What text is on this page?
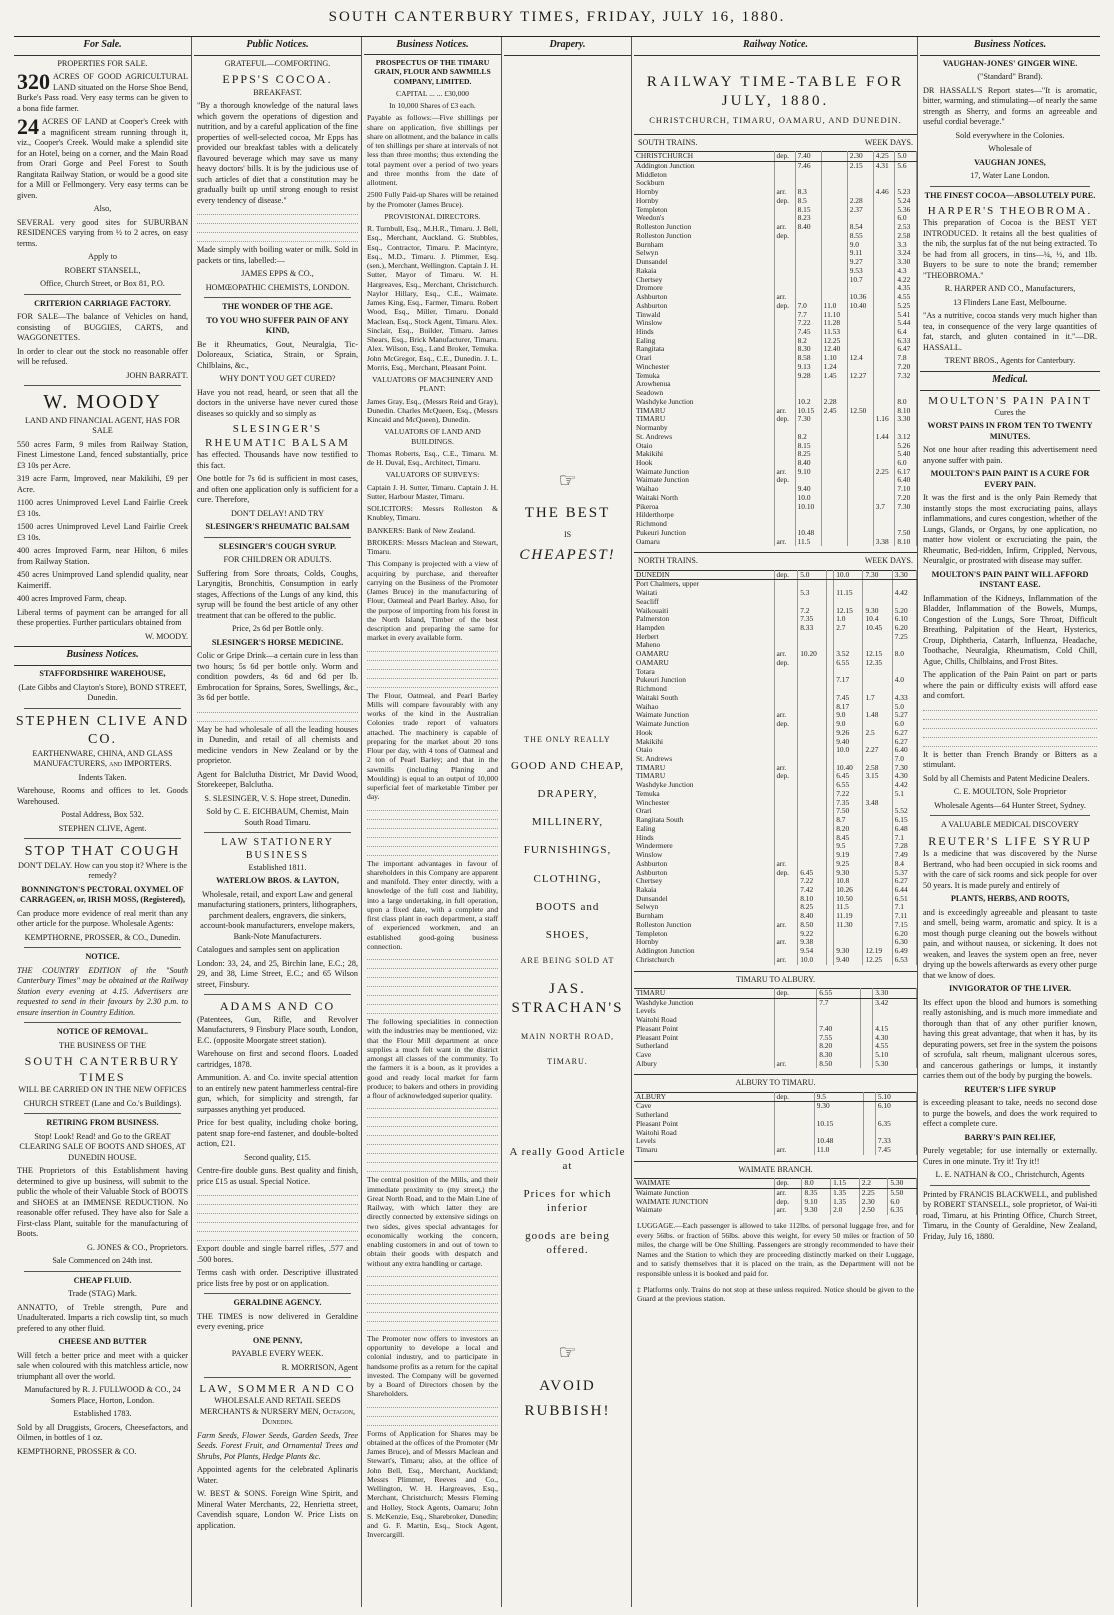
SOUTH CANTERBURY TIMES, FRIDAY, JULY 16, 1880.
For Sale.
PROPERTIES FOR SALE.
320 ACRES OF GOOD AGRICULTURAL LAND situated on the Horse Shoe Bend, Burke's Pass road. Very easy terms can be given to a bona fide farmer.
24 ACRES OF LAND at Cooper's Creek with a magnificent stream running through it, viz., Cooper's Creek. Would make a splendid site for an Hotel, being on a corner, and the Main Road from Orari Gorge and Peel Forest to South Rangitata Railway Station, or would be a good site for a Mill or Fellmongery. Very easy terms can be given.
Also,
SEVERAL very good sites for SUBURBAN RESIDENCES varying from ½ to 2 acres, on easy terms.
Apply to
ROBERT STANSELL,
Office, Church Street, or Box 81, P.O.
CRITERION CARRIAGE FACTORY.
FOR SALE—The balance of Vehicles on hand, consisting of BUGGIES, CARTS, and WAGGONETTES.
In order to clear out the stock no reasonable offer will be refused.
JOHN BARRATT.
W. MOODY
LAND AND FINANCIAL AGENT, HAS FOR SALE
550 acres Farm, 9 miles from Railway Station, Finest Limestone Land, fenced substantially, price £3 10s per Acre.
319 acre Farm, Improved, near Makikihi, £9 per Acre.
1100 acres Unimproved Level Land Fairlie Creek £3 10s.
1500 acres Unimproved Level Land Fairlie Creek £3 10s.
400 acres Improved Farm, near Hilton, 6 miles from Railway Station.
450 acres Unimproved Land splendid quality, near Kaimeriff.
400 acres Improved Farm, cheap.
Liberal terms of payment can be arranged for all these properties. Further particulars obtained from
W. MOODY.
Business Notices.
STAFFORDSHIRE WAREHOUSE,
(Late Gibbs and Clayton's Store), BOND STREET, Dunedin.
STEPHEN CLIVE AND CO.
EARTHENWARE, CHINA, AND GLASS MANUFACTURERS, and IMPORTERS.
Indents Taken.
Warehouse, Rooms and offices to let. Goods Warehoused.
Postal Address, Box 532.
STEPHEN CLIVE, Agent.
STOP THAT COUGH
DON'T DELAY. How can you stop it? Where is the remedy?
BONNINGTON'S PECTORAL OXYMEL OF CARRAGEEN, or, IRISH MOSS, (Registered),
Can produce more evidence of real merit than any other article for the purpose. Wholesale Agents:
KEMPTHORNE, PROSSER, & CO., Dunedin.
NOTICE.
THE COUNTRY EDITION of the "South Canterbury Times" may be obtained at the Railway Station every evening at 4.15. Advertisers are requested to send in their favours by 2.30 p.m. to ensure insertion in Country Edition.
NOTICE OF REMOVAL.
THE BUSINESS OF THE
SOUTH CANTERBURY TIMES
WILL BE CARRIED ON IN THE NEW OFFICES
CHURCH STREET (Lane and Co.'s Buildings).
RETIRING FROM BUSINESS.
Stop! Look! Read! and Go to the GREAT CLEARING SALE OF BOOTS AND SHOES, AT DUNEDIN HOUSE.
THE Proprietors of this Establishment having determined to give up business, will submit to the public the whole of their Valuable Stock of BOOTS and SHOES at an IMMENSE REDUCTION. No reasonable offer refused. They have also for Sale a First-class Plant, suitable for the manufacturing of Boots.
G. JONES & CO., Proprietors.
Sale Commenced on 24th inst.
CHEAP FLUID.
Trade (STAG) Mark.
ANNATTO, of Treble strength, Pure and Unadulterated. Imparts a rich cowslip tint, so much prefered to any other fluid.
CHEESE AND BUTTER
Will fetch a better price and meet with a quicker sale when coloured with this matchless article, now triumphant all over the world.
Manufactured by R. J. FULLWOOD & CO., 24 Somers Place, Horton, London.
Established 1783.
Sold by all Druggists, Grocers, Cheesefactors, and Oilmen, in bottles of 1 oz.
KEMPTHORNE, PROSSER & CO.
Public Notices.
GRATEFUL—COMFORTING.
EPPS'S COCOA.
BREAKFAST.
"By a thorough knowledge of the natural laws which govern the operations of digestion and nutrition, and by a careful application of the fine properties of well-selected cocoa, Mr Epps has provided our breakfast tables with a delicately flavoured beverage which may save us many heavy doctors' bills. It is by the judicious use of such articles of diet that a constitution may be gradually built up until strong enough to resist every tendency of disease."
Made simply with boiling water or milk. Sold in packets or tins, labelled:—
JAMES EPPS & CO.,
HOMŒOPATHIC CHEMISTS, LONDON.
THE WONDER OF THE AGE.
TO YOU WHO SUFFER PAIN OF ANY KIND,
Be it Rheumatics, Gout, Neuralgia, Tic-Doloreaux, Sciatica, Strain, or Sprain, Chilblains, &c.,
WHY DON'T YOU GET CURED?
Have you not read, heard, or seen that all the doctors in the universe have never cured those diseases so quickly and so simply as
SLESINGER'S
RHEUMATIC BALSAM
has effected. Thousands have now testified to this fact.
One bottle for 7s 6d is sufficient in most cases, and often one application only is sufficient for a cure. Therefore,
DON'T DELAY! AND TRY
SLESINGER'S RHEUMATIC BALSAM
SLESINGER'S COUGH SYRUP.
FOR CHILDREN OR ADULTS.
Suffering from Sore throats, Colds, Coughs, Laryngitis, Bronchitis, Consumption in early stages, Affections of the Lungs of any kind, this syrup will be found the best article of any other treatment that can be offered to the public.
Price, 2s 6d per Bottle only.
SLESINGER'S HORSE MEDICINE.
Colic or Gripe Drink—a certain cure in less than two hours; 5s 6d per bottle only. Worm and condition powders, 4s 6d and 6d per lb. Embrocation for Sprains, Sores, Swellings, &c., 3s 6d per bottle.
May be had wholesale of all the leading houses in Dunedin, and retail of all chemists and medicine vendors in New Zealand or by the proprietor.
Agent for Balclutha District, Mr David Wood, Storekeeper, Balclutha.
S. SLESINGER, V. S. Hope street, Dunedin.
Sold by C. E. EICHBAUM, Chemist, Main South Road Timaru.
LAW STATIONERY BUSINESS
Established 1811.
WATERLOW BROS. & LAYTON,
Wholesale, retail, and export Law and general manufacturing stationers, printers, lithographers, parchment dealers, engravers, die sinkers, account-book manufacturers, envelope makers, Bank-Note Manufacturers.
Catalogues and samples sent on application
London: 33, 24, and 25, Birchin lane, E.C.; 28, 29, and 38, Lime Street, E.C.; and 65 Wilson street, Finsbury.
ADAMS AND CO
(Patentees, Gun, Rifle, and Revolver Manufacturers, 9 Finsbury Place south, London, E.C. (opposite Moorgate street station).
Warehouse on first and second floors. Loaded cartridges, 1878.
Ammunition. A. and Co. invite special attention to an entirely new patent hammerless central-fire gun, which, for simplicity and strength, far surpasses anything yet produced.
Price for best quality, including choke boring, patent snap fore-end fastener, and double-bolted action, £21.
Second quality, £15.
Centre-fire double guns. Best quality and finish, price £15 as usual. Special Notice.
Export double and single barrel rifles, .577 and .500 bores.
Terms cash with order. Descriptive illustrated price lists free by post or on application.
GERALDINE AGENCY.
THE TIMES is now delivered in Geraldine every evening, price
ONE PENNY,
PAYABLE EVERY WEEK.
R. MORRISON, Agent
LAW, SOMMER AND CO
WHOLESALE AND RETAIL SEEDS MERCHANTS & NURSERY MEN, Octagon, Dunedin.
Farm Seeds, Flower Seeds, Garden Seeds, Tree Seeds. Forest Fruit, and Ornamental Trees and Shrubs, Pot Plants, Hedge Plants &c.
Appointed agents for the celebrated Aplinaris Water.
W. BEST & SONS. Foreign Wine Spirit, and Mineral Water Merchants, 22, Henrietta street, Cavendish square, London W. Price Lists on application.
Business Notices.
PROSPECTUS OF THE TIMARU GRAIN, FLOUR AND SAWMILLS COMPANY, LIMITED.
CAPITAL ... ... £30,000
In 10,000 Shares of £3 each.
Payable as follows:—Five shillings per share on application, five shillings per share on allotment, and the balance in calls of ten shillings per share at intervals of not less than three months; thus extending the total payment over a period of two years and three months from the date of allotment.
2500 Fully Paid-up Shares will be retained by the Promoter (James Bruce).
PROVISIONAL DIRECTORS.
R. Turnbull, Esq., M.H.R., Timaru. J. Bell, Esq., Merchant, Auckland. G. Stubbles, Esq., Contractor, Timaru. P. Macintyre, Esq., M.D., Timaru. J. Plimmer, Esq. (sen.), Merchant, Wellington. Captain J. H. Sutter, Mayor of Timaru. W. H. Hargreaves, Esq., Merchant, Christchurch. Naylor Hillary, Esq., C.E., Waimate. James King, Esq., Farmer, Timaru. Robert Wood, Esq., Miller, Timaru. Donald Maclean, Esq., Stock Agent, Timaru. Alex. Sinclair, Esq., Builder, Timaru. James Shears, Esq., Brick Manufacturer, Timaru. Alex. Wilson, Esq., Land Broker, Temuka. John McGregor, Esq., C.E., Dunedin. J. L. Morris, Esq., Merchant, Pleasant Point.
VALUATORS OF MACHINERY AND PLANT:
James Gray, Esq., (Messrs Reid and Gray), Dunedin. Charles McQueen, Esq., (Messrs Kincaid and McQueen), Dunedin.
VALUATORS OF LAND AND BUILDINGS.
Thomas Roberts, Esq., C.E., Timaru. M. de H. Duval, Esq., Architect, Timaru.
VALUATORS OF SURVEYS:
Captain J. H. Sutter, Timaru. Captain J. H. Sutter, Harbour Master, Timaru.
SOLICITORS: Messrs Rolleston & Knubley, Timaru.
BANKERS: Bank of New Zealand.
BROKERS: Messrs Maclean and Stewart, Timaru.
This Company is projected with a view of acquiring by purchase, and thereafter carrying on the Business of the Promoter (James Bruce) in the manufacturing of Flour, Oatmeal and Pearl Barley. Also, for the purpose of importing from his forest in the North Island, Timber of the best description and preparing the same for market in every available form.
The Flour, Oatmeal, and Pearl Barley Mills will compare favourably with any works of the kind in the Australian Colonies trade report of valuators attached. The machinery is capable of preparing for the market about 20 tons Flour per day, with 4 tons of Oatmeal and 2 ton of Pearl Barley; and that in the sawmills (including Planing and Moulding) is equal to an output of 10,000 superficial feet of marketable Timber per day.
The important advantages in favour of shareholders in this Company are apparent and manifold. They enter directly, with a knowledge of the full cost and liability, into a large undertaking, in full operation, upon a fixed date, with a complete and first class plant in each department, a staff of experienced workmen, and an established good-going business connection.
The following specialities in connection with the industries may be mentioned, viz: that the Flour Mill department at once supplies a much felt want in the district amongst all classes of the community. To the farmers it is a boon, as it provides a good and ready local market for farm produce; to bakers and others in providing a flour of acknowledged superior quality.
The central position of the Mills, and their immediate proximity to (my street,) the Great North Road, and to the Main Line of Railway, with which latter they are directly connected by extensive sidings on two sides, gives special advantages for economically working the concern, enabling customers in and out of town to obtain their goods with despatch and without any extra handling or cartage.
The Promoter now offers to investors an opportunity to develope a local and colonial industry, and to participate in handsome profits as a return for the capital invested. The Company will be governed by a Board of Directors chosen by the Shareholders.
Forms of Application for Shares may be obtained at the offices of the Promoter (Mr James Bruce), and of Messrs Maclean and Stewart's, Timaru; also, at the office of John Bell, Esq., Merchant, Auckland; Messrs Plimmer, Reeves and Co., Wellington, W. H. Hargreaves, Esq., Merchant, Christchurch; Messrs Fleming and Holley, Stock Agents, Oamaru; John S. McKenzie, Esq., Sharebroker, Dunedin; and G. F. Martin, Esq., Stock Agent, Invercargill.
Drapery.
☞
THE BEST
IS
CHEAPEST!
THE ONLY REALLY
GOOD AND CHEAP,
DRAPERY,
MILLINERY,
FURNISHINGS,
CLOTHING,
BOOTS and
SHOES,
ARE BEING SOLD AT
JAS. STRACHAN'S
MAIN NORTH ROAD,
TIMARU.
A really Good Article at
Prices for which inferior
goods are being offered.
☞
AVOID
RUBBISH!
Railway Notice.
RAILWAY TIME-TABLE FOR JULY, 1880.
CHRISTCHURCH, TIMARU, OAMARU, AND DUNEDIN.
SOUTH TRAINS.	WEEK DAYS.
CHRISTCHURCH	dep.	7.40		2.30	4.25	5.0
Addington Junction		7.46		2.15	4.31	5.6
Middleton						
Sockburn						
Hornby	arr.	8.3			4.46	5.23
Hornby	dep.	8.5		2.28		5.24
Templeton		8.15		2.37		5.36
Weedon's		8.23				6.0
Rolleston Junction	arr.	8.40		8.54		2.53
Rolleston Junction	dep.			8.55		2.58
Burnham				9.0		3.3
Selwyn				9.11		3.24
Dunsandel				9.27		3.30
Rakaia				9.53		4.3
Chertsey				10.7		4.22
Dromore						4.35
Ashburton	arr.			10.36		4.55
Ashburton	dep.	7.0	11.0	10.40		5.25
Tinwald		7.7	11.10			5.41
Winslow		7.22	11.28			5.44
Hinds		7.45	11.53			6.4
Ealing		8.2	12.25			6.33
Rangitata		8.30	12.40			6.47
Orari		8.58	1.10	12.4		7.8
Winchester		9.13	1.24			7.20
Temuka		9.28	1.45	12.27		7.32
Arowhenua						
Seadown						
Washdyke Junction		10.2	2.28			8.0
TIMARU	arr.	10.15	2.45	12.50		8.10
TIMARU	dep.	7.30			1.16	3.30
Normanby						
St. Andrews		8.2			1.44	3.12
Otaio		8.15				5.26
Makikihi		8.25				5.40
Hook		8.40				6.0
Waimate Junction	arr.	9.10			2.25	6.17
Waimate Junction	dep.					6.40
Waihao		9.40				7.10
Waitaki North		10.0				7.20
Pikeroa		10.10			3.7	7.30
Hilderthorpe						
Richmond						
Pukeuri Junction		10.48				7.50
Oamaru	arr.	11.5			3.38	8.10
NORTH TRAINS.	WEEK DAYS.
DUNEDIN	dep.	5.0		10.0	7.30	3.30
Port Chalmers, upper						
Waitati		5.3		11.15		4.42
Seacliff						
Waikouaiti		7.2		12.15	9.30	5.20
Palmerston		7.35		1.0	10.4	6.10
Hampden		8.33		2.7	10.45	6.20
Herbert						7.25
Maheno						
OAMARU	arr.	10.20		3.52	12.15	8.0
OAMARU	dep.			6.55	12.35	
Totara						
Pukeuri Junction				7.17		4.0
Richmond						
Waitaki South				7.45	1.7	4.33
Waihao				8.17		5.0
Waimate Junction	arr.			9.0	1.48	5.27
Waimate Junction	dep.			9.0		6.0
Hook				9.26	2.5	6.27
Makikihi				9.40		6.27
Otaio				10.0	2.27	6.40
St. Andrews						7.0
TIMARU	arr.			10.40	2.58	7.30
TIMARU	dep.			6.45	3.15	4.30
Washdyke Junction				6.55		4.42
Temuka				7.22		5.1
Winchester				7.35	3.48	
Orari				7.50		5.52
Rangitata South				8.7		6.15
Ealing				8.20		6.48
Hinds				8.45		7.1
Windermere				9.5		7.28
Winslow				9.19		7.49
Ashburton	arr.			9.25		8.4
Ashburton	dep.	6.45		9.30		5.37
Chertsey		7.22		10.8		6.27
Rakaia		7.42		10.26		6.44
Dunsandel		8.10		10.50		6.51
Selwyn		8.25		11.5		7.1
Burnham		8.40		11.19		7.11
Rolleston Junction	arr.	8.50		11.30		7.15
Templeton		9.22				6.20
Hornby	arr.	9.38				6.30
Addington Junction		9.54		9.30	12.19	6.49
Christchurch	arr.	10.0		9.40	12.25	6.53
TIMARU TO ALBURY.
TIMARU	dep.	6.55		3.30
Washdyke Junction		7.7		3.42
Levels				
Waitohi Road				
Pleasant Point		7.40		4.15
Pleasant Point		7.55		4.30
Sutherland		8.20		4.55
Cave		8.30		5.10
Albury	arr.	8.50		5.30
ALBURY TO TIMARU.
ALBURY	dep.	9.5		5.10
Cave		9.30		6.10
Sutherland				
Pleasant Point		10.15		6.35
Waitohi Road				
Levels		10.48		7.33
Timaru	arr.	11.0		7.45
WAIMATE BRANCH.
WAIMATE	dep.	8.0	1.15	2.2	5.30
Waimate Junction	arr.	8.35	1.35	2.25	5.50
WAIMATE JUNCTION	dep.	9.10	1.35	2.30	6.0
Waimate	arr.	9.30	2.0	2.50	6.35
LUGGAGE.—Each passenger is allowed to take 112lbs. of personal luggage free, and for every 56lbs. or fraction of 56lbs. above this weight, for every 50 miles or fraction of 50 miles, the charge will be One Shilling. Passengers are strongly recommended to have their Names and the Station to which they are proceeding distinctly marked on their Luggage, and to satisfy themselves that it is placed on the train, as the Department will not be responsible unless it is booked and paid for.
‡ Platforms only. Trains do not stop at these unless required. Notice should be given to the Guard at the previous station.
Business Notices.
VAUGHAN-JONES' GINGER WINE.
("Standard" Brand).
DR HASSALL'S Report states—"It is aromatic, bitter, warming, and stimulating—of nearly the same strength as Sherry, and forms an agreeable and useful cordial beverage."
Sold everywhere in the Colonies.
Wholesale of
VAUGHAN JONES,
17, Water Lane London.
THE FINEST COCOA—ABSOLUTELY PURE.
HARPER'S THEOBROMA.
This preparation of Cocoa is the BEST YET INTRODUCED. It retains all the best qualities of the nib, the surplus fat of the nut being extracted. To be had from all grocers, in tins—¼, ½, and 1lb. Buyers to be sure to note the brand; remember "THEOBROMA."
R. HARPER AND CO., Manufacturers,
13 Flinders Lane East, Melbourne.
"As a nutritive, cocoa stands very much higher than tea, in consequence of the very large quantities of fat, starch, and gluten contained in it."—DR. HASSALL.
TRENT BROS., Agents for Canterbury.
Medical.
MOULTON'S PAIN PAINT
Cures the
WORST PAINS IN FROM TEN TO TWENTY MINUTES.
Not one hour after reading this advertisement need anyone suffer with pain.
MOULTON'S PAIN PAINT IS A CURE FOR EVERY PAIN.
It was the first and is the only Pain Remedy that instantly stops the most excruciating pains, allays inflammations, and cures congestion, whether of the Lungs, Glands, or Organs, by one application, no matter how violent or excruciating the pain, the Rheumatic, Bed-ridden, Infirm, Crippled, Nervous, Neuralgic, or prostrated with disease may suffer.
MOULTON'S PAIN PAINT WILL AFFORD INSTANT EASE.
Inflammation of the Kidneys, Inflammation of the Bladder, Inflammation of the Bowels, Mumps, Congestion of the Lungs, Sore Throat, Difficult Breathing, Palpitation of the Heart, Hysterics, Croup, Diphtheria, Catarrh, Influenza, Headache, Toothache, Neuralgia, Rheumatism, Cold Chill, Ague, Chills, Chilblains, and Frost Bites.
The application of the Pain Paint on part or parts where the pain or difficulty exists will afford ease and comfort.
It is better than French Brandy or Bitters as a stimulant.
Sold by all Chemists and Patent Medicine Dealers.
C. E. MOULTON, Sole Proprietor
Wholesale Agents—64 Hunter Street, Sydney.
A VALUABLE MEDICAL DISCOVERY
REUTER'S LIFE SYRUP
Is a medicine that was discovered by the Nurse Bertrand, who had been occupied in sick rooms and with the care of sick rooms and sick people for over 50 years. It is made purely and entirely of
PLANTS, HERBS, AND ROOTS,
and is exceedingly agreeable and pleasant to taste and smell, being warm, aromatic and spicy. It is a most though purge cleaning out the bowels without pain, and without nausea, or sickening. It does not weaken, and leaves the system open an free, never drying up the bowels afterwards as every other purge that we know of does.
INVIGORATOR OF THE LIVER.
Its effect upon the blood and humors is something really astonishing, and is much more immediate and thorough than that of any other purifier known, having this great advantage, that when it has, by its depurating powers, set free in the system the poisons of scrofula, salt rheum, malignant ulcerous sores, and cancerous gatherings or lumps, it instantly carries them out of the body by purging the bowels.
REUTER'S LIFE SYRUP
is exceeding pleasant to take, needs no second dose to purge the bowels, and does the work required to effect a complete cure.
BARRY'S PAIN RELIEF,
Purely vegetable; for use internally or externally. Cures in one minute. Try it! Try it!!
L. E. NATHAN & CO., Christchurch, Agents
Printed by FRANCIS BLACKWELL, and published by ROBERT STANSELL, sole proprietor, of Wai-iti road, Timaru, at his Printing Office, Church Street, Timaru, in the County of Geraldine, New Zealand, Friday, July 16, 1880.
